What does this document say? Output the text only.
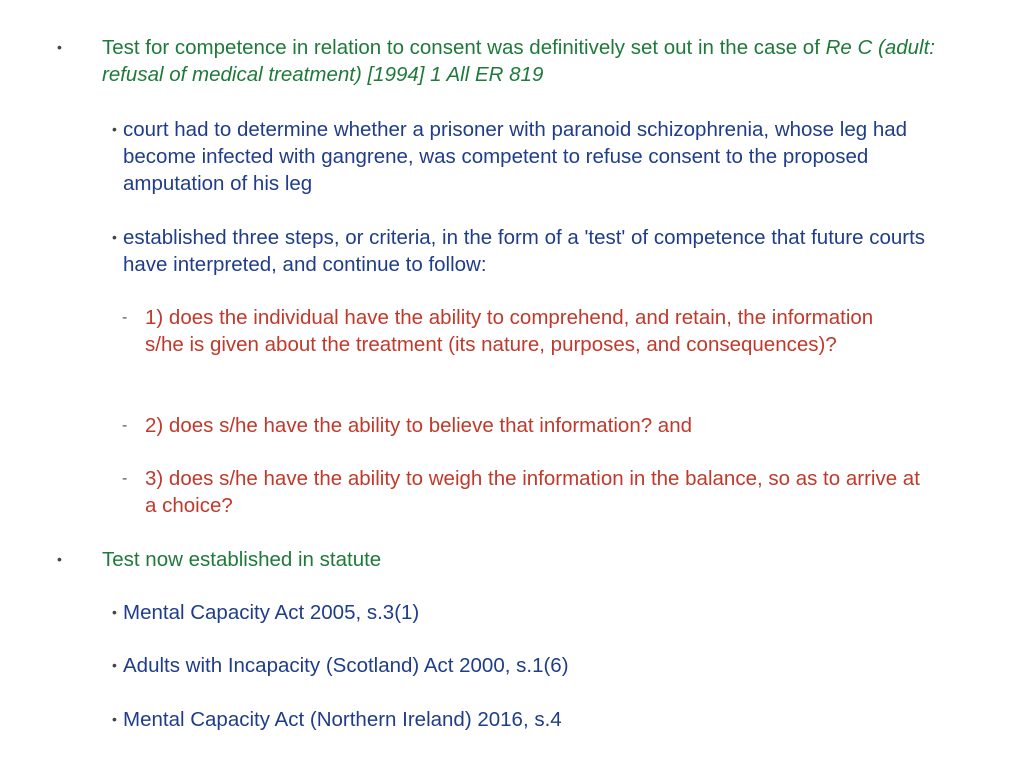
• Test for competence in relation to consent was definitively set out in the case of Re C (adult: refusal of medical treatment) [1994] 1 All ER 819
• court had to determine whether a prisoner with paranoid schizophrenia, whose leg had become infected with gangrene, was competent to refuse consent to the proposed amputation of his leg
• established three steps, or criteria, in the form of a 'test' of competence that future courts have interpreted, and continue to follow:
- 1) does the individual have the ability to comprehend, and retain, the information s/he is given about the treatment (its nature, purposes, and consequences)?
- 2) does s/he have the ability to believe that information? and
- 3) does s/he have the ability to weigh the information in the balance, so as to arrive at a choice?
• Test now established in statute
• Mental Capacity Act 2005, s.3(1)
• Adults with Incapacity (Scotland) Act 2000, s.1(6)
• Mental Capacity Act (Northern Ireland) 2016, s.4
